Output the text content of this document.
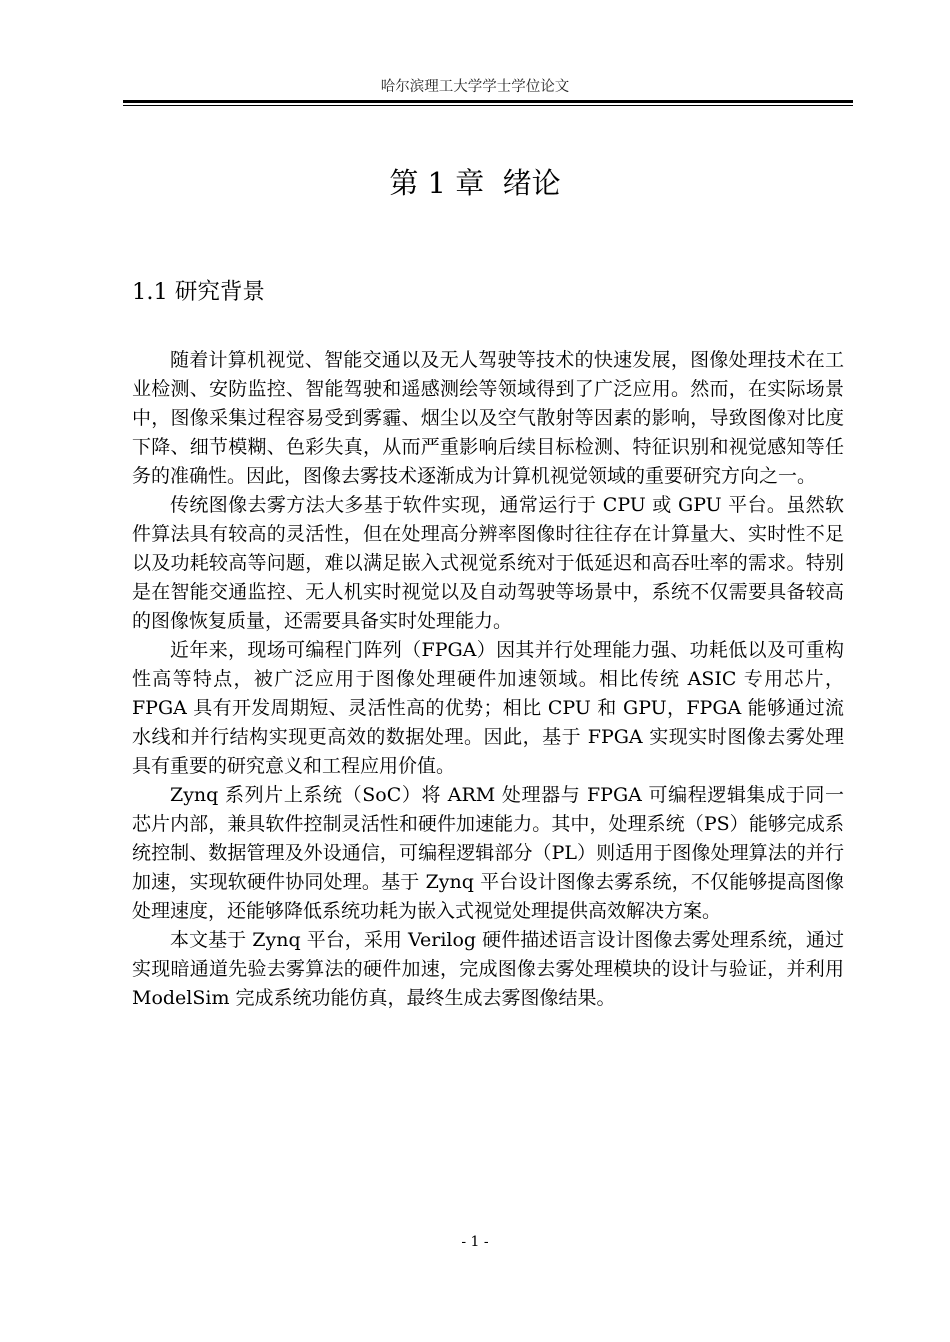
哈尔滨理工大学学士学位论文
第 1 章  绪论
1.1 研究背景

随着计算机视觉、智能交通以及无人驾驶等技术的快速发展，图像处理技术在工业检测、安防监控、智能驾驶和遥感测绘等领域得到了广泛应用。然而，在实际场景中，图像采集过程容易受到雾霾、烟尘以及空气散射等因素的影响，导致图像对比度下降、细节模糊、色彩失真，从而严重影响后续目标检测、特征识别和视觉感知等任务的准确性。因此，图像去雾技术逐渐成为计算机视觉领域的重要研究方向之一。

传统图像去雾方法大多基于软件实现，通常运行于 CPU 或 GPU 平台。虽然软件算法具有较高的灵活性，但在处理高分辨率图像时往往存在计算量大、实时性不足以及功耗较高等问题，难以满足嵌入式视觉系统对于低延迟和高吞吐率的需求。特别是在智能交通监控、无人机实时视觉以及自动驾驶等场景中，系统不仅需要具备较高的图像恢复质量，还需要具备实时处理能力。

近年来，现场可编程门阵列（FPGA）因其并行处理能力强、功耗低以及可重构性高等特点，被广泛应用于图像处理硬件加速领域。相比传统 ASIC 专用芯片，FPGA 具有开发周期短、灵活性高的优势；相比 CPU 和 GPU，FPGA 能够通过流水线和并行结构实现更高效的数据处理。因此，基于 FPGA 实现实时图像去雾处理具有重要的研究意义和工程应用价值。

Zynq 系列片上系统（SoC）将 ARM 处理器与 FPGA 可编程逻辑集成于同一芯片内部，兼具软件控制灵活性和硬件加速能力。其中，处理系统（PS）能够完成系统控制、数据管理及外设通信，可编程逻辑部分（PL）则适用于图像处理算法的并行加速，实现软硬件协同处理。基于 Zynq 平台设计图像去雾系统，不仅能够提高图像处理速度，还能够降低系统功耗为嵌入式视觉处理提供高效解决方案。

本文基于 Zynq 平台，采用 Verilog 硬件描述语言设计图像去雾处理系统，通过实现暗通道先验去雾算法的硬件加速，完成图像去雾处理模块的设计与验证，并利用 ModelSim 完成系统功能仿真，最终生成去雾图像结果。

- 1 -
